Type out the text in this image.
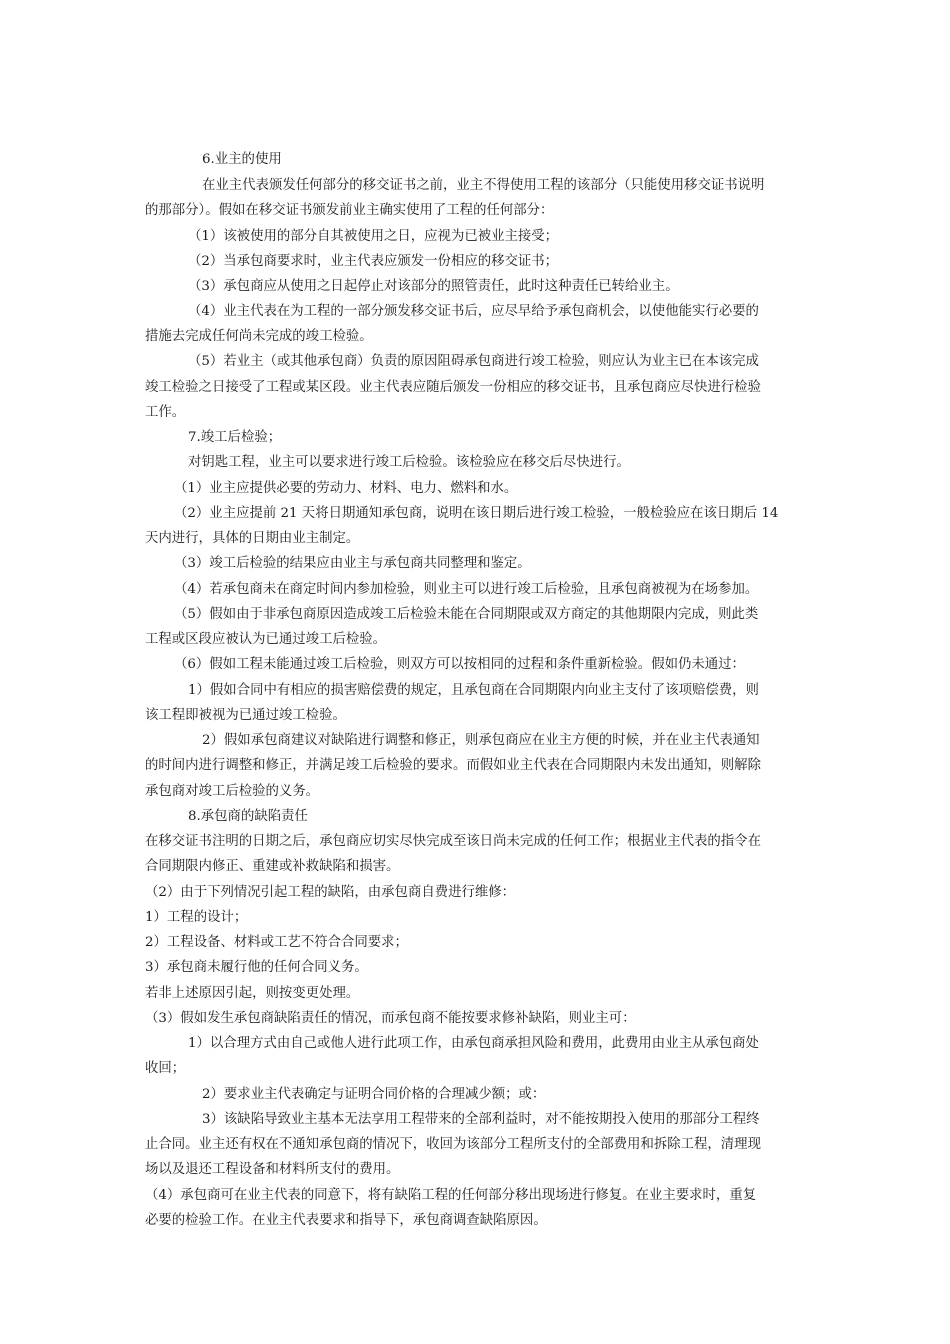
6.业主的使用
在业主代表颁发任何部分的移交证书之前，业主不得使用工程的该部分（只能使用移交证书说明
的那部分）。假如在移交证书颁发前业主确实使用了工程的任何部分：
（1）该被使用的部分自其被使用之日，应视为已被业主接受；
（2）当承包商要求时，业主代表应颁发一份相应的移交证书；
（3）承包商应从使用之日起停止对该部分的照管责任，此时这种责任已转给业主。
（4）业主代表在为工程的一部分颁发移交证书后，应尽早给予承包商机会，以使他能实行必要的
措施去完成任何尚未完成的竣工检验。
（5）若业主（或其他承包商）负责的原因阻碍承包商进行竣工检验，则应认为业主已在本该完成
竣工检验之日接受了工程或某区段。业主代表应随后颁发一份相应的移交证书，且承包商应尽快进行检验
工作。
7.竣工后检验；
对钥匙工程，业主可以要求进行竣工后检验。该检验应在移交后尽快进行。
（1）业主应提供必要的劳动力、材料、电力、燃料和水。
（2）业主应提前 21 天将日期通知承包商，说明在该日期后进行竣工检验，一般检验应在该日期后 14
天内进行，具体的日期由业主制定。
（3）竣工后检验的结果应由业主与承包商共同整理和鉴定。
（4）若承包商未在商定时间内参加检验，则业主可以进行竣工后检验，且承包商被视为在场参加。
（5）假如由于非承包商原因造成竣工后检验未能在合同期限或双方商定的其他期限内完成，则此类
工程或区段应被认为已通过竣工后检验。
（6）假如工程未能通过竣工后检验，则双方可以按相同的过程和条件重新检验。假如仍未通过：
1）假如合同中有相应的损害赔偿费的规定，且承包商在合同期限内向业主支付了该项赔偿费，则
该工程即被视为已通过竣工检验。
2）假如承包商建议对缺陷进行调整和修正，则承包商应在业主方便的时候，并在业主代表通知
的时间内进行调整和修正，并满足竣工后检验的要求。而假如业主代表在合同期限内未发出通知，则解除
承包商对竣工后检验的义务。
8.承包商的缺陷责任
在移交证书注明的日期之后，承包商应切实尽快完成至该日尚未完成的任何工作；根据业主代表的指令在
合同期限内修正、重建或补救缺陷和损害。
（2）由于下列情况引起工程的缺陷，由承包商自费进行维修：
1）工程的设计；
2）工程设备、材料或工艺不符合合同要求；
3）承包商未履行他的任何合同义务。
若非上述原因引起，则按变更处理。
（3）假如发生承包商缺陷责任的情况，而承包商不能按要求修补缺陷，则业主可：
1）以合理方式由自己或他人进行此项工作，由承包商承担风险和费用，此费用由业主从承包商处
收回；
2）要求业主代表确定与证明合同价格的合理减少额；或：
3）该缺陷导致业主基本无法享用工程带来的全部利益时，对不能按期投入使用的那部分工程终
止合同。业主还有权在不通知承包商的情况下，收回为该部分工程所支付的全部费用和拆除工程，清理现
场以及退还工程设备和材料所支付的费用。
（4）承包商可在业主代表的同意下，将有缺陷工程的任何部分移出现场进行修复。在业主要求时，重复
必要的检验工作。在业主代表要求和指导下，承包商调查缺陷原因。
